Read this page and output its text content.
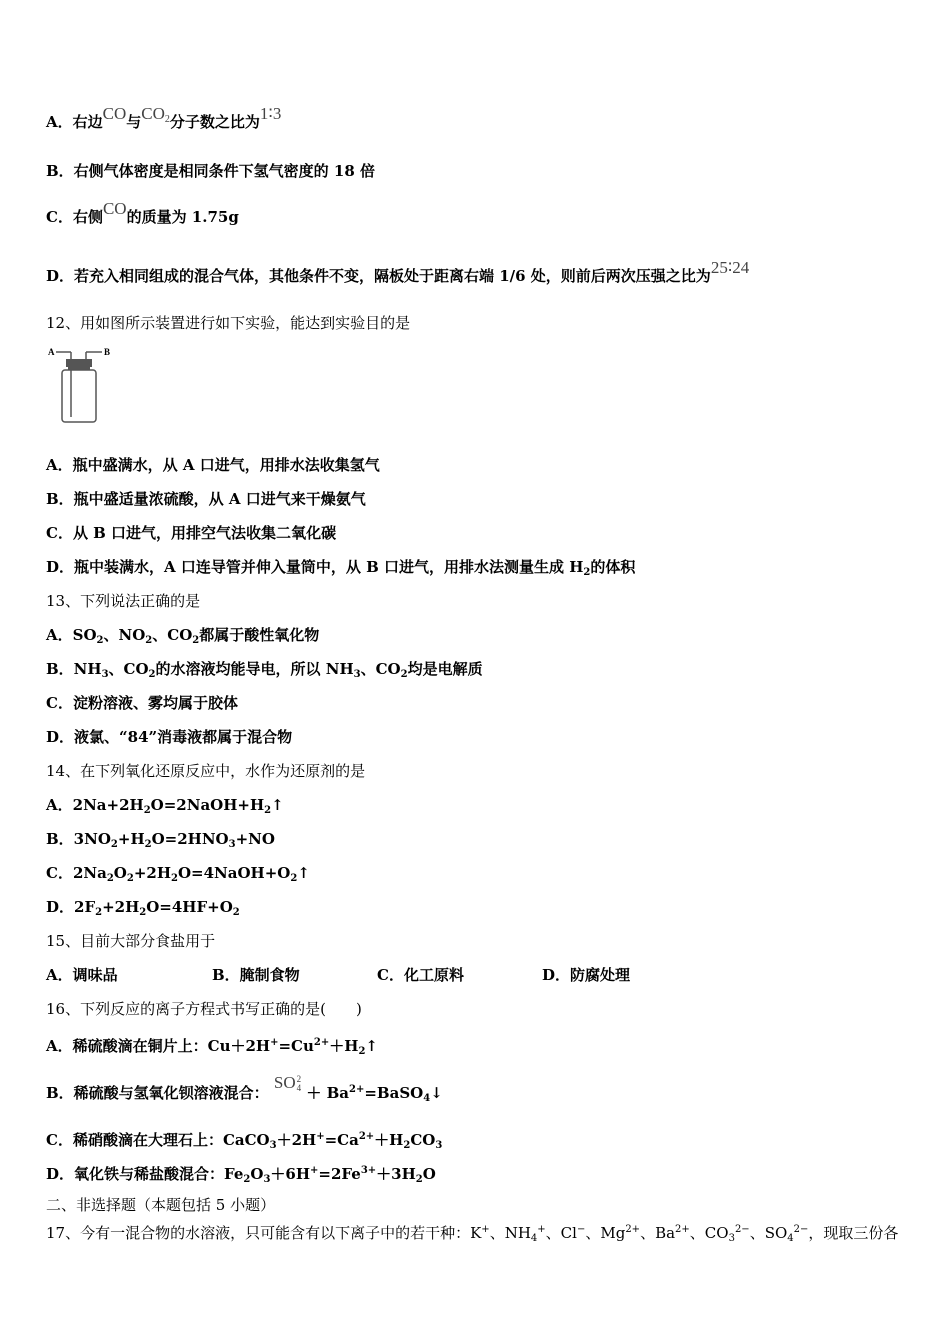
A．右边CO与$CO_2$分子数之比为1∶3
B．右侧气体密度是相同条件下氢气密度的 18 倍
C．右侧CO的质量为 1.75g
D．若充入相同组成的混合气体，其他条件不变，隔板处于距离右端 1/6 处，则前后两次压强之比为25∶24
12、用如图所示装置进行如下实验，能达到实验目的是
A	B
A．瓶中盛满水，从 A 口进气，用排水法收集氢气
B．瓶中盛适量浓硫酸，从 A 口进气来干燥氨气
C．从 B 口进气，用排空气法收集二氧化碳
D．瓶中装满水，A 口连导管并伸入量筒中，从 B 口进气，用排水法测量生成 $H_2$的体积
13、下列说法正确的是
A．$SO_2$、$NO_2$、$CO_2$都属于酸性氧化物
B．$NH_3$、$CO_2$的水溶液均能导电，所以 $NH_3$、$CO_2$均是电解质
C．淀粉溶液、雾均属于胶体
D．液氯、“84”消毒液都属于混合物
14、在下列氧化还原反应中，水作为还原剂的是
A．$2Na+2H_2O=2NaOH+H_2↑$
B．$3NO_2+H_2O=2HNO_3+NO$
C．$2Na_2O_2+2H_2O=4NaOH+O_2↑$
D．$2F_2+2H_2O=4HF+O_2$
15、目前大部分食盐用于
A．调味品	B．腌制食物	C．化工原料	D．防腐处理
16、下列反应的离子方程式书写正确的是(　　)
A．稀硫酸滴在铜片上：$Cu+2H^+=Cu^{2+}+H_2↑$
B．稀硫酸与氢氧化钡溶液混合： SO 2
$4 + Ba^{2+}=BaSO_4↓$
C．稀硝酸滴在大理石上：$CaCO_3+2H^+=Ca^{2+}+H_2CO_3$
D．氧化铁与稀盐酸混合：$Fe_2O_3+6H^+=2Fe^{3+}+3H_2O$
二、非选择题（本题包括 5 小题）
17、今有一混合物的水溶液，只可能含有以下离子中的若干种：K+、$NH_4^+$、Cl−、$Mg^{2+}$、$Ba^{2+}$、$CO_3^{2-}$、$SO_4^{2-}$，现取三份各
